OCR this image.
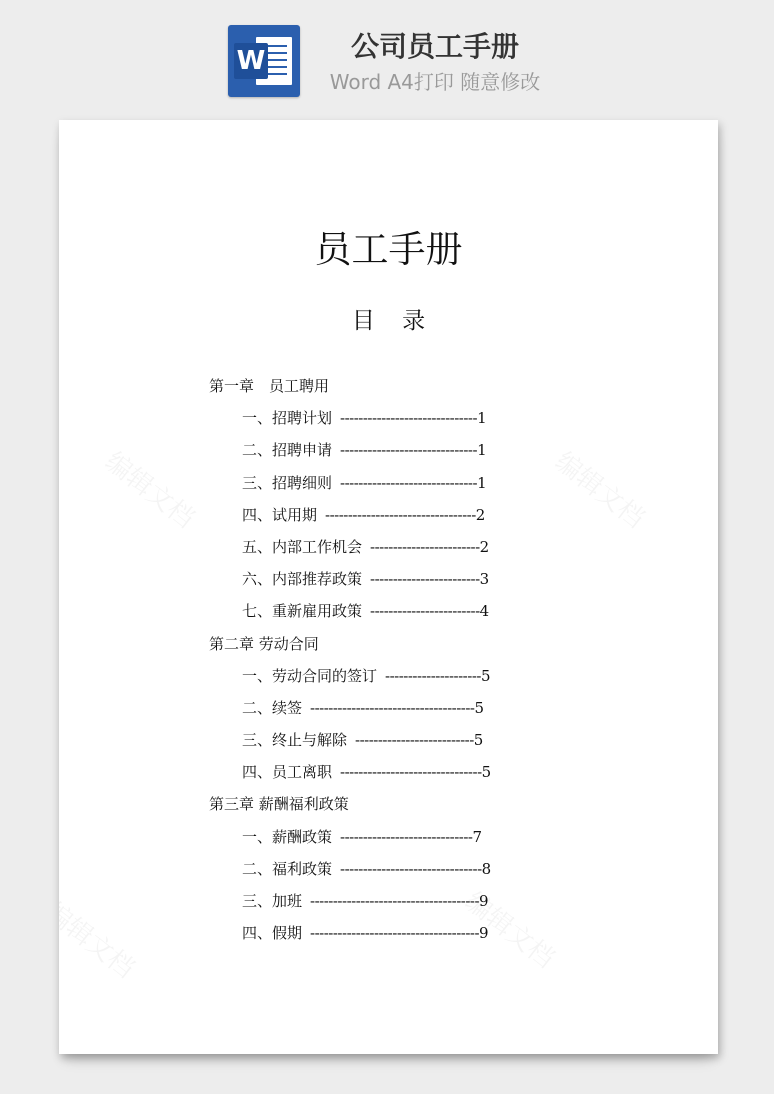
W	公司员工手册
Word A4打印 随意修改
员工手册
目 录
第一章　员工聘用
一、招聘计划 ------------------------------1
二、招聘申请 ------------------------------1
三、招聘细则 ------------------------------1
四、试用期 ---------------------------------2
五、内部工作机会 ------------------------2
六、内部推荐政策 ------------------------3
七、重新雇用政策 ------------------------4
第二章 劳动合同
一、劳动合同的签订 ---------------------5
二、续签 ------------------------------------5
三、终止与解除--------------------------5
四、员工离职 -------------------------------5
第三章 薪酬福利政策
一、薪酬政策-----------------------------7
二、福利政策 -------------------------------8
三、加班 -------------------------------------9
四、假期 -------------------------------------9
